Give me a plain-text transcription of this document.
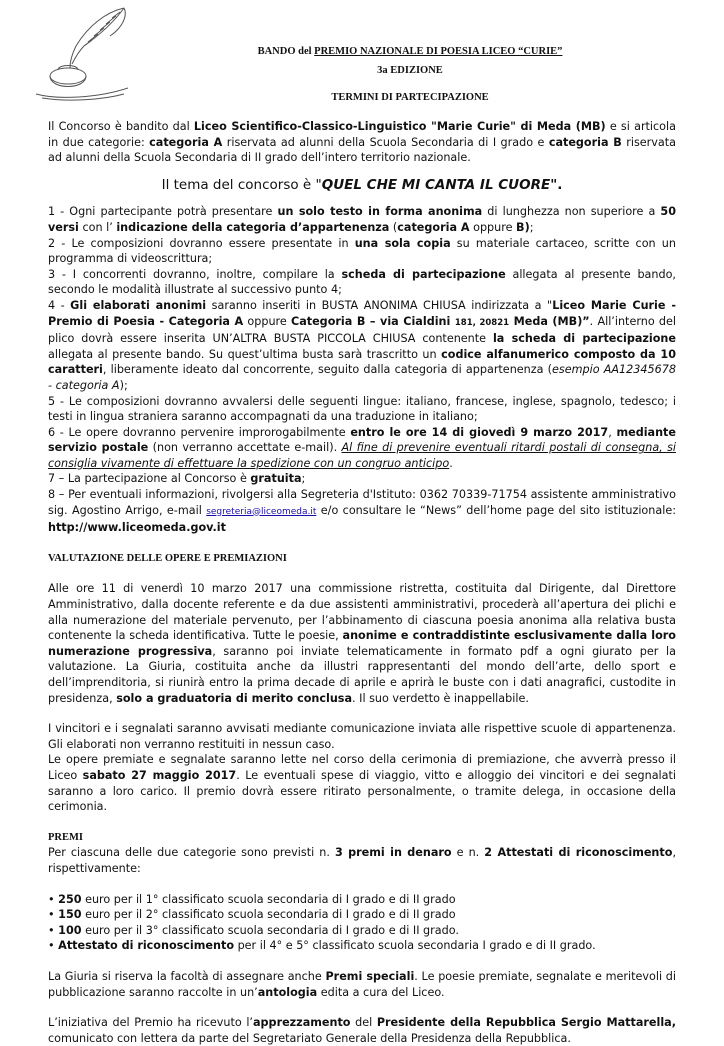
BANDO del PREMIO NAZIONALE DI POESIA LICEO “CURIE”
3a EDIZIONE
TERMINI DI PARTECIPAZIONE

Il Concorso è bandito dal Liceo Scientifico-Classico-Linguistico "Marie Curie" di Meda (MB) e si articola in due categorie: categoria A riservata ad alunni della Scuola Secondaria di I grado e categoria B riservata ad alunni della Scuola Secondaria di II grado dell’intero territorio nazionale.

Il tema del concorso è "QUEL CHE MI CANTA IL CUORE".

1 - Ogni partecipante potrà presentare un solo testo in forma anonima di lunghezza non superiore a 50 versi con l’ indicazione della categoria d’appartenenza (categoria A oppure B);

2 - Le composizioni dovranno essere presentate in una sola copia su materiale cartaceo, scritte con un programma di videoscrittura;

3 - I concorrenti dovranno, inoltre, compilare la scheda di partecipazione allegata al presente bando, secondo le modalità illustrate al successivo punto 4;

4 - Gli elaborati anonimi saranno inseriti in BUSTA ANONIMA CHIUSA indirizzata a "Liceo Marie Curie - Premio di Poesia - Categoria A oppure Categoria B – via Cialdini 181, 20821 Meda (MB)”. All’interno del plico dovrà essere inserita UN’ALTRA BUSTA PICCOLA CHIUSA contenente la scheda di partecipazione allegata al presente bando. Su quest’ultima busta sarà trascritto un codice alfanumerico composto da 10 caratteri, liberamente ideato dal concorrente, seguito dalla categoria di appartenenza (esempio AA12345678 - categoria A);

5 - Le composizioni dovranno avvalersi delle seguenti lingue: italiano, francese, inglese, spagnolo, tedesco; i testi in lingua straniera saranno accompagnati da una traduzione in italiano;

6 - Le opere dovranno pervenire improrogabilmente entro le ore 14 di giovedì 9 marzo 2017, mediante servizio postale (non verranno accettate e-mail). Al fine di prevenire eventuali ritardi postali di consegna, si consiglia vivamente di effettuare la spedizione con un congruo anticipo.

7 – La partecipazione al Concorso è gratuita;

8 – Per eventuali informazioni, rivolgersi alla Segreteria d'Istituto: 0362 70339-71754 assistente amministrativo sig. Agostino Arrigo, e-mail segreteria@liceomeda.it e/o consultare le “News” dell’home page del sito istituzionale: http://www.liceomeda.gov.it

VALUTAZIONE DELLE OPERE E PREMIAZIONI

Alle ore 11 di venerdì 10 marzo 2017 una commissione ristretta, costituita dal Dirigente, dal Direttore Amministrativo, dalla docente referente e da due assistenti amministrativi, procederà all’apertura dei plichi e alla numerazione del materiale pervenuto, per l’abbinamento di ciascuna poesia anonima alla relativa busta contenente la scheda identificativa. Tutte le poesie, anonime e contraddistinte esclusivamente dalla loro numerazione progressiva, saranno poi inviate telematicamente in formato pdf a ogni giurato per la valutazione. La Giuria, costituita anche da illustri rappresentanti del mondo dell’arte, dello sport e dell’imprenditoria, si riunirà entro la prima decade di aprile e aprirà le buste con i dati anagrafici, custodite in presidenza, solo a graduatoria di merito conclusa. Il suo verdetto è inappellabile.

I vincitori e i segnalati saranno avvisati mediante comunicazione inviata alle rispettive scuole di appartenenza. Gli elaborati non verranno restituiti in nessun caso.

Le opere premiate e segnalate saranno lette nel corso della cerimonia di premiazione, che avverrà presso il Liceo sabato 27 maggio 2017. Le eventuali spese di viaggio, vitto e alloggio dei vincitori e dei segnalati saranno a loro carico. Il premio dovrà essere ritirato personalmente, o tramite delega, in occasione della cerimonia.

PREMI

Per ciascuna delle due categorie sono previsti n. 3 premi in denaro e n. 2 Attestati di riconoscimento, rispettivamente:

• 250 euro per il 1° classificato scuola secondaria di I grado e di II grado
• 150 euro per il 2° classificato scuola secondaria di I grado e di II grado
• 100 euro per il 3° classificato scuola secondaria di I grado e di II grado.
• Attestato di riconoscimento per il 4° e 5° classificato scuola secondaria I grado e di II grado.

La Giuria si riserva la facoltà di assegnare anche Premi speciali. Le poesie premiate, segnalate e meritevoli di pubblicazione saranno raccolte in un’antologia edita a cura del Liceo.

L’iniziativa del Premio ha ricevuto l’apprezzamento del Presidente della Repubblica Sergio Mattarella, comunicato con lettera da parte del Segretariato Generale della Presidenza della Repubblica.
